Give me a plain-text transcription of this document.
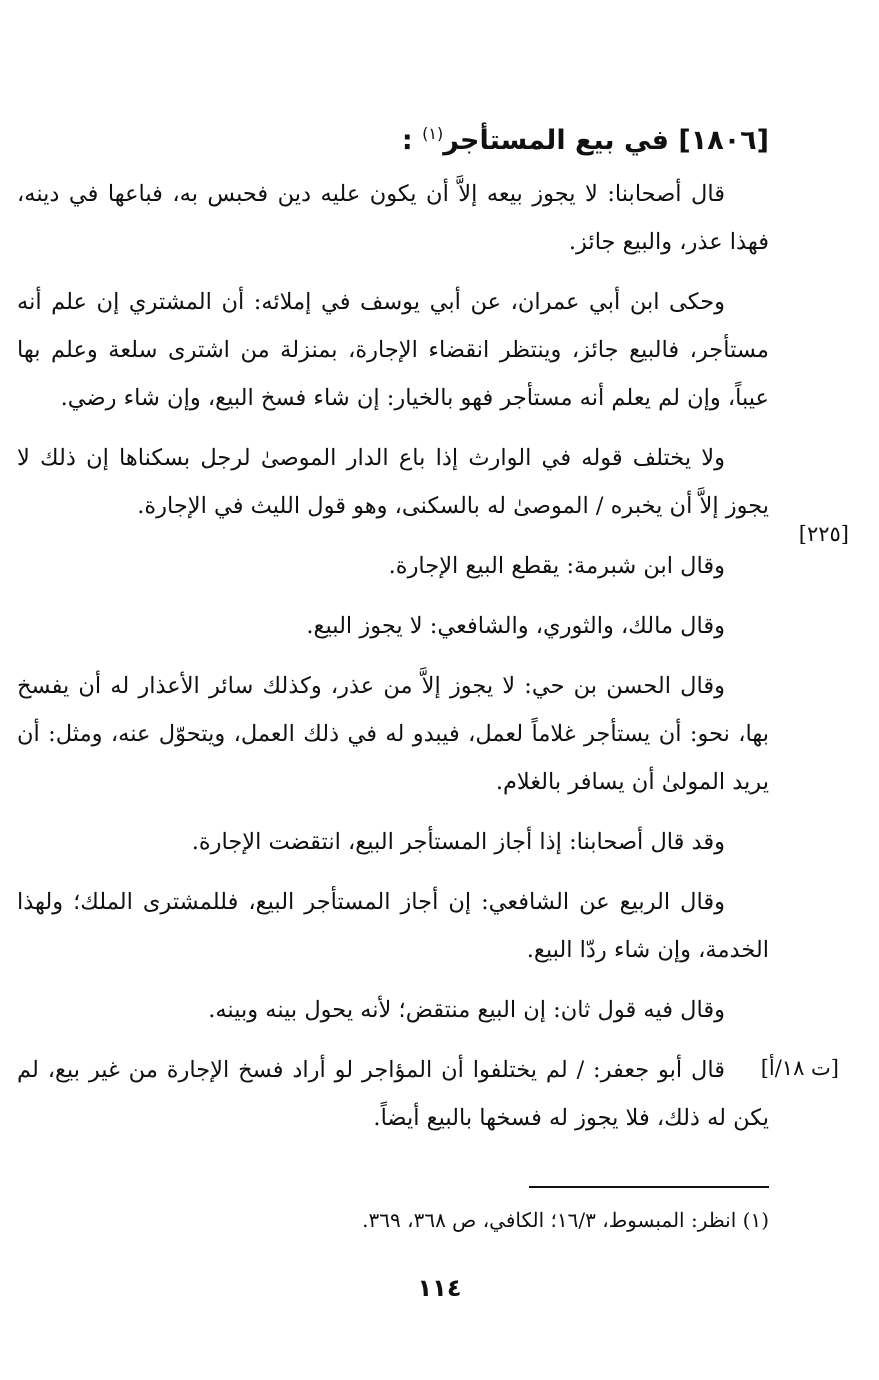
[١٨٠٦] في بيع المستأجر$^{(١)}$ :

قال أصحابنا: لا يجوز بيعه إلاَّ أن يكون عليه دين فحبس به، فباعها في دينه، فهذا عذر، والبيع جائز.

وحكى ابن أبي عمران، عن أبي يوسف في إملائه: أن المشتري إن علم أنه مستأجر، فالبيع جائز، وينتظر انقضاء الإجارة، بمنزلة من اشترى سلعة وعلم بها عيباً، وإن لم يعلم أنه مستأجر فهو بالخيار: إن شاء فسخ البيع، وإن شاء رضي.

ولا يختلف قوله في الوارث إذا باع الدار الموصىٰ لرجل بسكناها إن ذلك لا يجوز إلاَّ أن يخبره / الموصىٰ له بالسكنى، وهو قول الليث في الإجارة.

وقال ابن شبرمة: يقطع البيع الإجارة.

وقال مالك، والثوري، والشافعي: لا يجوز البيع.

وقال الحسن بن حي: لا يجوز إلاَّ من عذر، وكذلك سائر الأعذار له أن يفسخ بها، نحو: أن يستأجر غلاماً لعمل، فيبدو له في ذلك العمل، ويتحوّل عنه، ومثل: أن يريد المولىٰ أن يسافر بالغلام.

وقد قال أصحابنا: إذا أجاز المستأجر البيع، انتقضت الإجارة.

وقال الربيع عن الشافعي: إن أجاز المستأجر البيع، فللمشترى الملك؛ ولهذا الخدمة، وإن شاء ردّا البيع.

وقال فيه قول ثان: إن البيع منتقض؛ لأنه يحول بينه وبينه.

قال أبو جعفر: / لم يختلفوا أن المؤاجر لو أراد فسخ الإجارة من غير بيع، لم يكن له ذلك، فلا يجوز له فسخها بالبيع أيضاً.

[٢٢٥]
[ت ١٨/أ]
(١) انظر: المبسوط، ١٦/٣؛ الكافي، ص ٣٦٨، ٣٦٩.
١١٤
